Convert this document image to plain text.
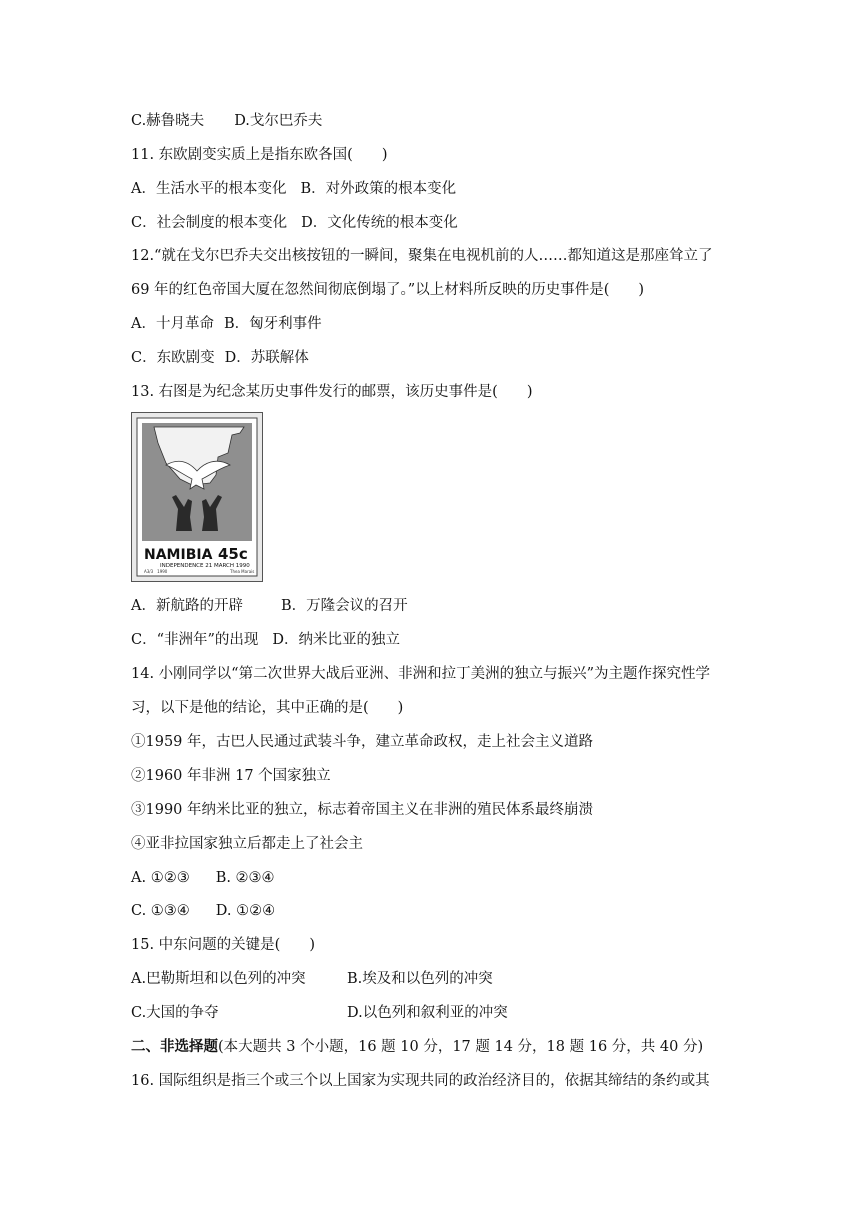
C.赫鲁晓夫 D.戈尔巴乔夫
11. 东欧剧变实质上是指东欧各国(　　)
A．生活水平的根本变化 B．对外政策的根本变化
C．社会制度的根本变化 D．文化传统的根本变化
12.“就在戈尔巴乔夫交出核按钮的一瞬间，聚集在电视机前的人……都知道这是那座耸立了
69 年的红色帝国大厦在忽然间彻底倒塌了。”以上材料所反映的历史事件是(　　)
A．十月革命 B．匈牙利事件
C．东欧剧变 D．苏联解体
13. 右图是为纪念某历史事件发行的邮票，该历史事件是(　　)
NAMIBIA 45c
INDEPENDENCE 21 MARCH 1990
A3/3　1990	Thea Marais
A．新航路的开辟	B．万隆会议的召开
C．“非洲年”的出现 D．纳米比亚的独立
14. 小刚同学以“第二次世界大战后亚洲、非洲和拉丁美洲的独立与振兴”为主题作探究性学
习，以下是他的结论，其中正确的是(　　)
①1959 年，古巴人民通过武装斗争，建立革命政权，走上社会主义道路
②1960 年非洲 17 个国家独立
③1990 年纳米比亚的独立，标志着帝国主义在非洲的殖民体系最终崩溃
④亚非拉国家独立后都走上了社会主
A. ①②③ B. ②③④
C. ①③④ D. ①②④
15. 中东问题的关键是(　　)
A.巴勒斯坦和以色列的冲突	B.埃及和以色列的冲突
C.大国的争夺	D.以色列和叙利亚的冲突
二、非选择题(本大题共 3 个小题，16 题 10 分，17 题 14 分，18 题 16 分，共 40 分)
16. 国际组织是指三个或三个以上国家为实现共同的政治经济目的，依据其缔结的条约或其
